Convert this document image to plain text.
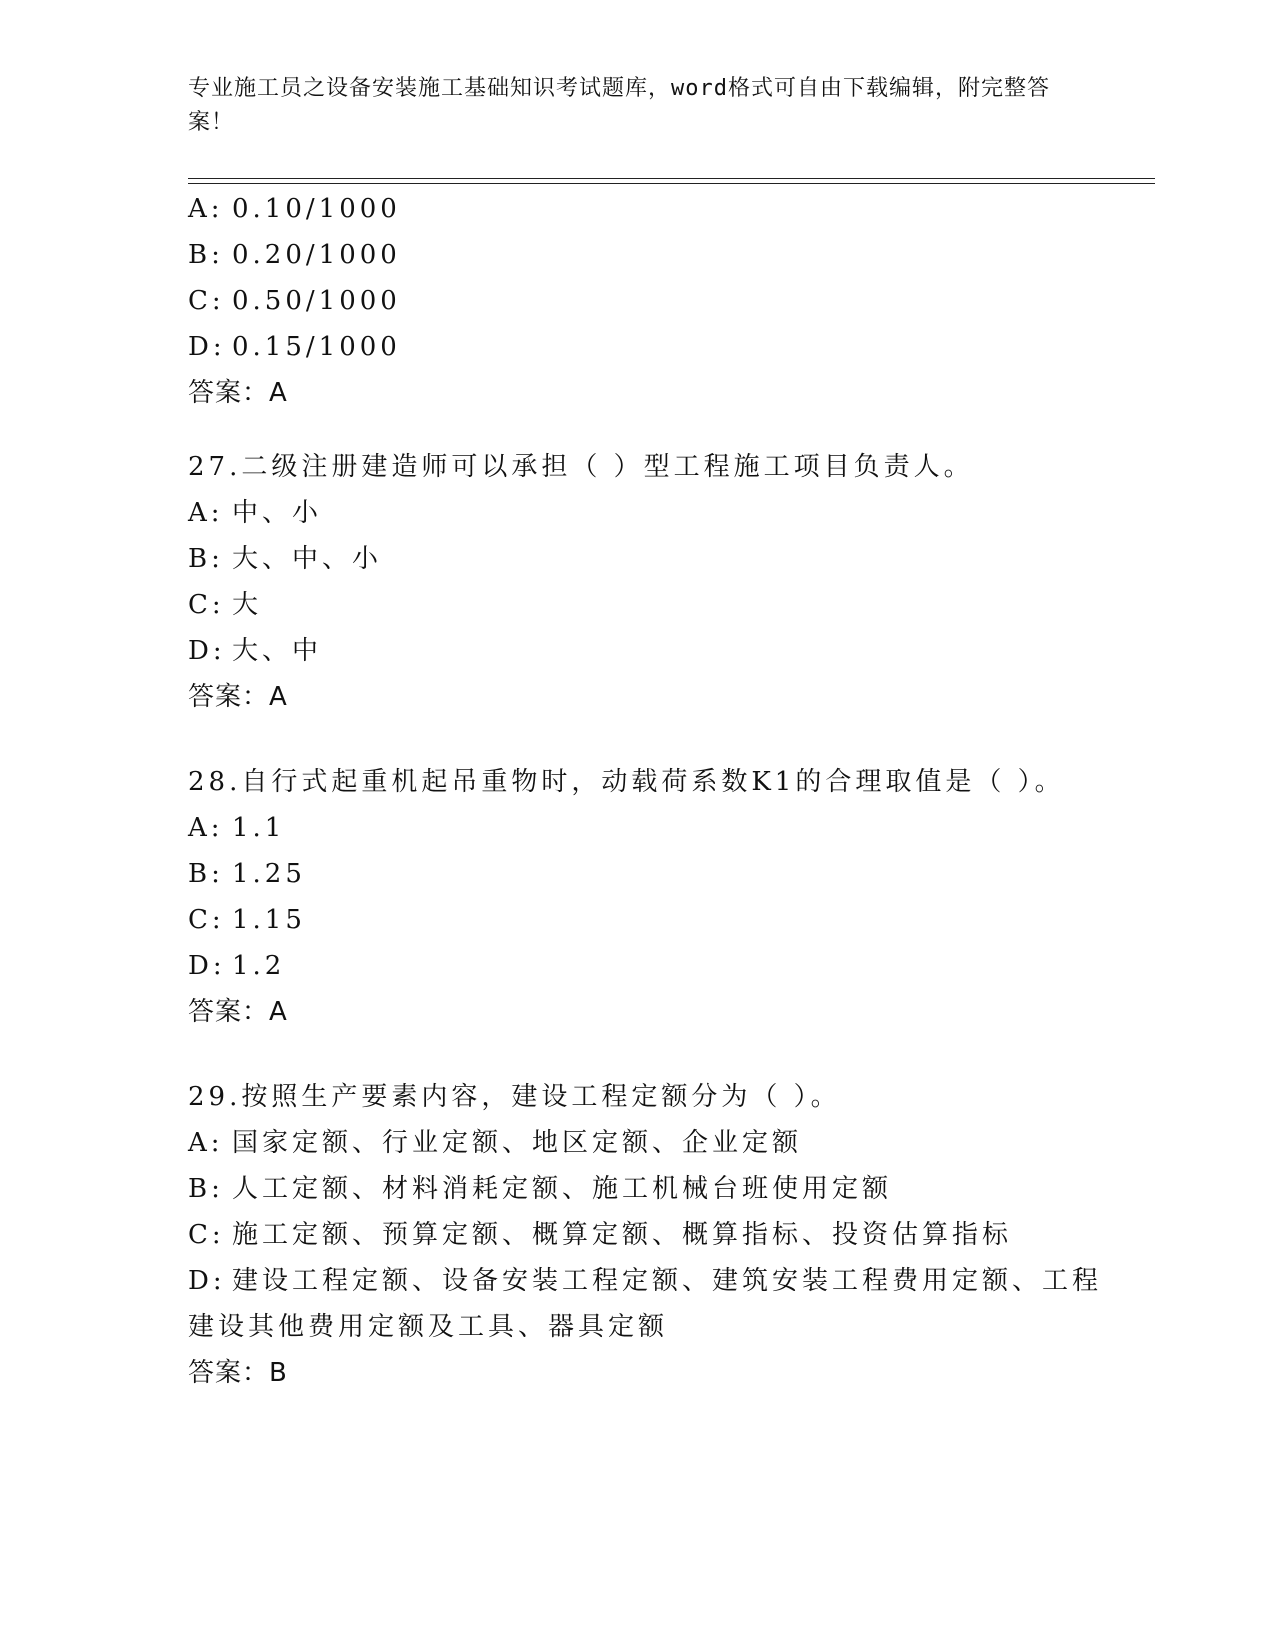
专业施工员之设备安装施工基础知识考试题库，word格式可自由下载编辑，附完整答案！
A: 0.10/1000
B: 0.20/1000
C: 0.50/1000
D: 0.15/1000
答案：A
27.二级注册建造师可以承担（ ）型工程施工项目负责人。
A: 中、小
B: 大、中、小
C: 大
D: 大、中
答案：A
28.自行式起重机起吊重物时，动载荷系数K1的合理取值是（ ）。
A: 1.1
B: 1.25
C: 1.15
D: 1.2
答案：A
29.按照生产要素内容，建设工程定额分为（ ）。
A: 国家定额、行业定额、地区定额、企业定额
B: 人工定额、材料消耗定额、施工机械台班使用定额
C: 施工定额、预算定额、概算定额、概算指标、投资估算指标
D: 建设工程定额、设备安装工程定额、建筑安装工程费用定额、工程
建设其他费用定额及工具、器具定额
答案：B
